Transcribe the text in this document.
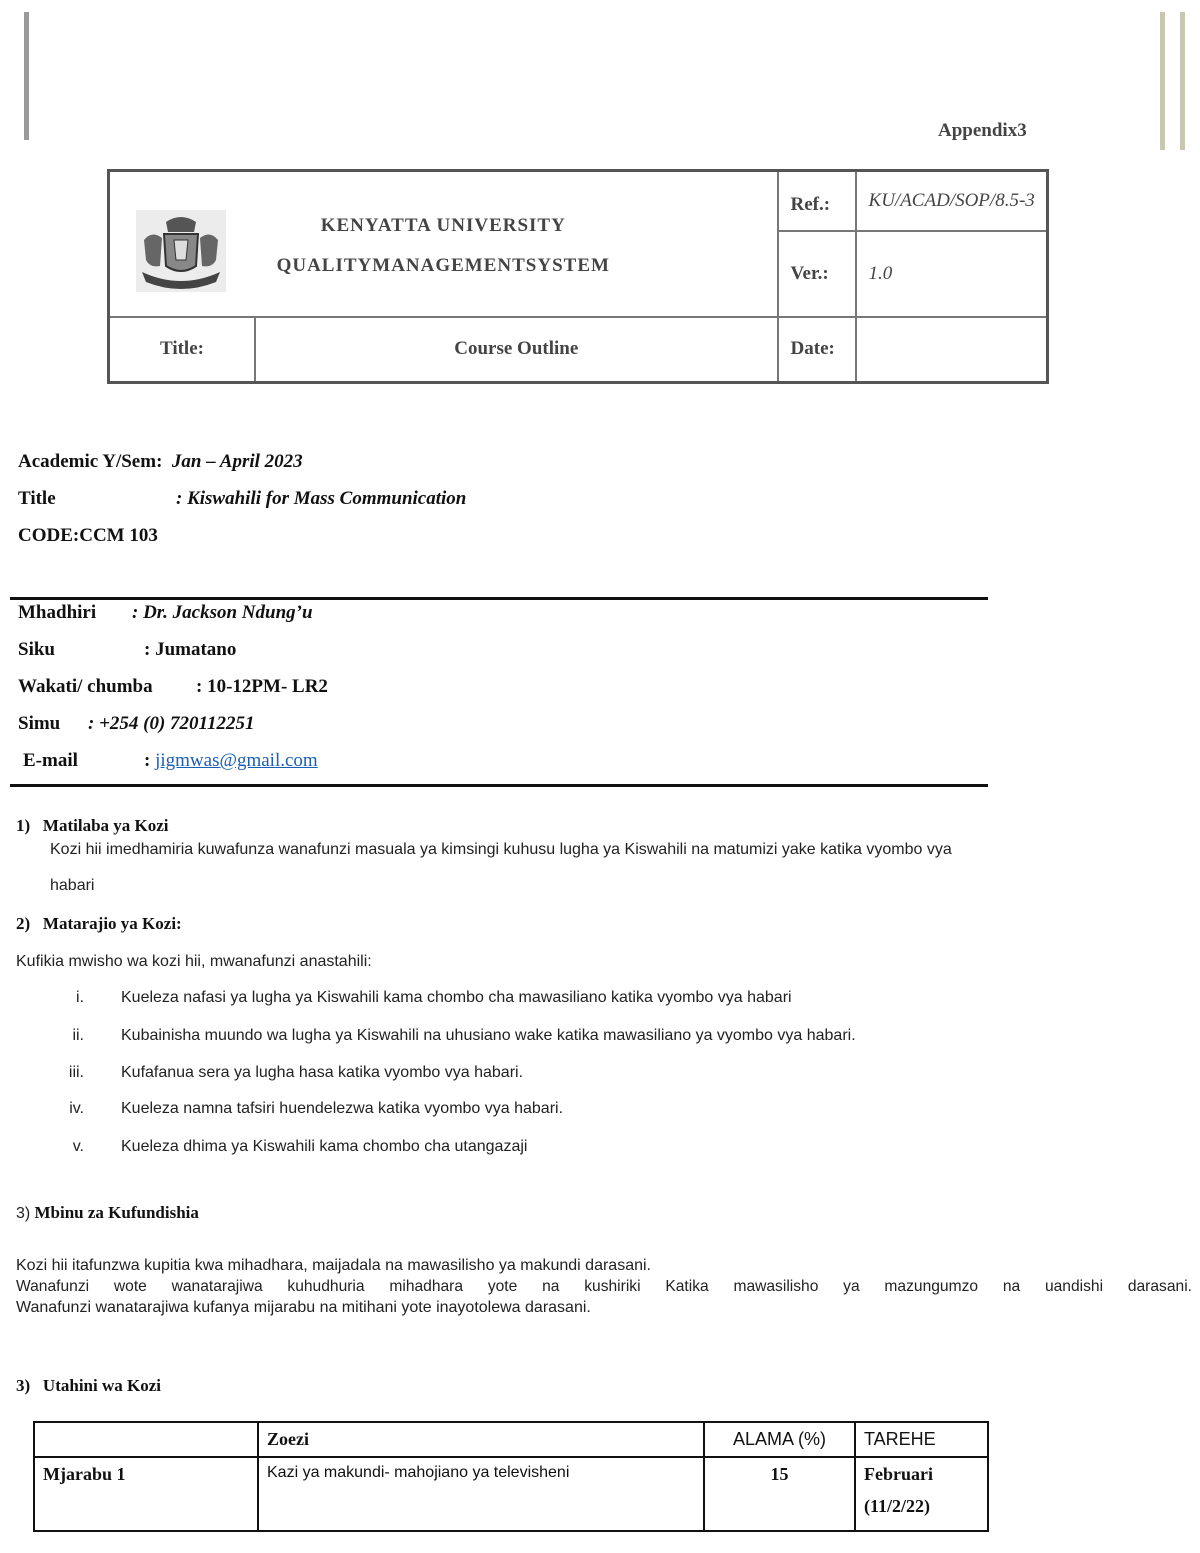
Appendix3
KENYATTA UNIVERSITY
QUALITYMANAGEMENTSYSTEM		Ref.:	KU/ACAD/SOP/8.5-3
		Ver.:	1.0
Title:	Course Outline	Date:	
Academic Y/Sem: Jan – April 2023
Title	: Kiswahili for Mass Communication
CODE:CCM 103
Mhadhiri : Dr. Jackson Ndung’u
Siku	: Jumatano
Wakati/ chumba : 10-12PM- LR2
Simu : +254 (0) 720112251
E-mail	: jigmwas@gmail.com
1) Matilaba ya Kozi
Kozi hii imedhamiria kuwafunza wanafunzi masuala ya kimsingi kuhusu lugha ya Kiswahili na matumizi yake katika vyombo vya
habari
2) Matarajio ya Kozi:
Kufikia mwisho wa kozi hii, mwanafunzi anastahili:
i. Kueleza nafasi ya lugha ya Kiswahili kama chombo cha mawasiliano katika vyombo vya habari
ii. Kubainisha muundo wa lugha ya Kiswahili na uhusiano wake katika mawasiliano ya vyombo vya habari.
iii. Kufafanua sera ya lugha hasa katika vyombo vya habari.
iv. Kueleza namna tafsiri huendelezwa katika vyombo vya habari.
v. Kueleza dhima ya Kiswahili kama chombo cha utangazaji
3) Mbinu za Kufundishia
Kozi hii itafunzwa kupitia kwa mihadhara, maijadala na mawasilisho ya makundi darasani.
Wanafunzi wote wanatarajiwa kuhudhuria mihadhara yote na kushiriki Katika mawasilisho ya mazungumzo na uandishi darasani.
Wanafunzi wanatarajiwa kufanya mijarabu na mitihani yote inayotolewa darasani.
3) Utahini wa Kozi
	Zoezi	ALAMA (%)	TAREHE
Mjarabu 1	Kazi ya makundi- mahojiano ya televisheni	15	Februari
(11/2/22)
